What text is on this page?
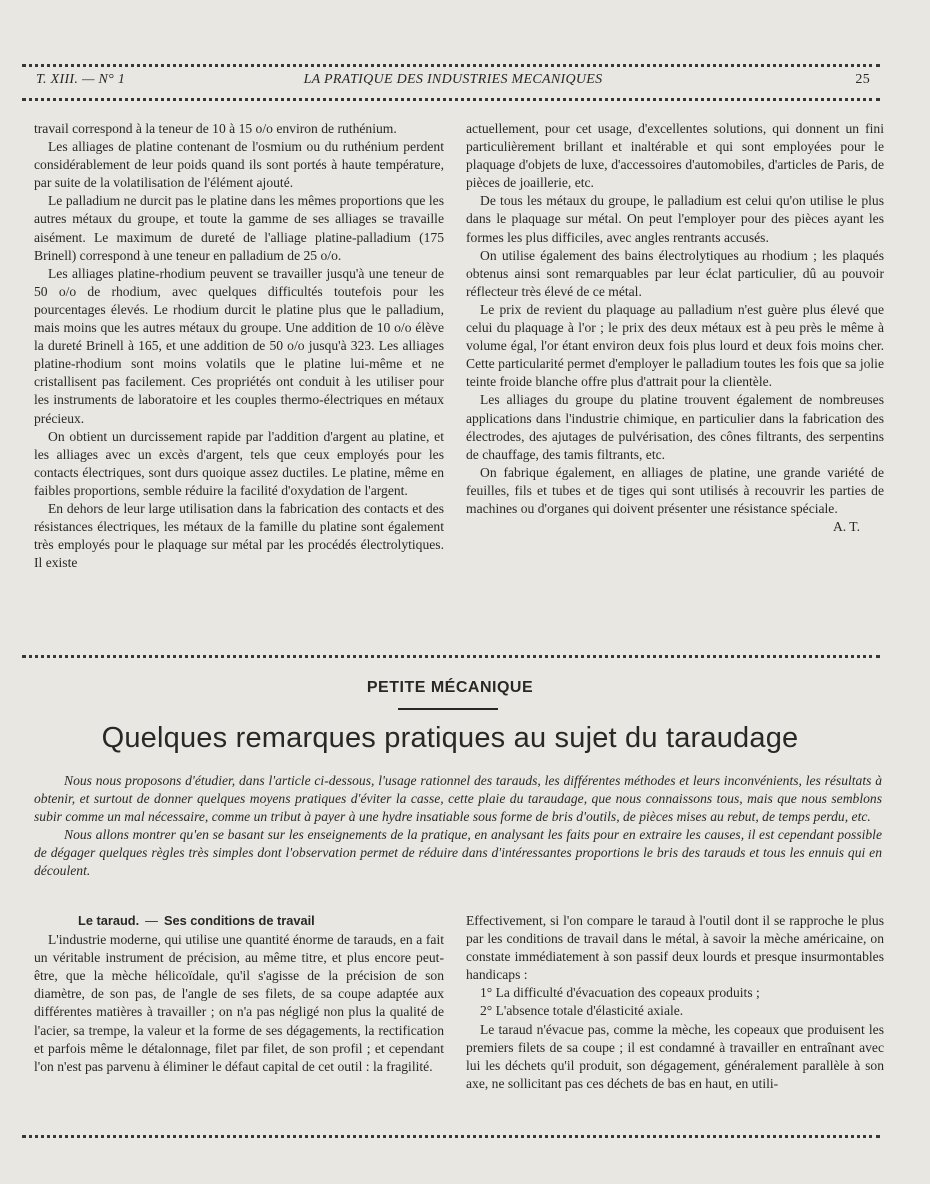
T. XIII. — N° 1	LA PRATIQUE DES INDUSTRIES MECANIQUES	25

travail correspond à la teneur de 10 à 15 o/o environ de ruthénium.

Les alliages de platine contenant de l'osmium ou du ruthénium perdent considérablement de leur poids quand ils sont portés à haute température, par suite de la volatilisation de l'élément ajouté.

Le palladium ne durcit pas le platine dans les mêmes proportions que les autres métaux du groupe, et toute la gamme de ses alliages se travaille aisément. Le maximum de dureté de l'alliage platine-palladium (175 Brinell) correspond à une teneur en palladium de 25 o/o.

Les alliages platine-rhodium peuvent se travailler jusqu'à une teneur de 50 o/o de rhodium, avec quelques difficultés toutefois pour les pourcentages élevés. Le rhodium durcit le platine plus que le palladium, mais moins que les autres métaux du groupe. Une addition de 10 o/o élève la dureté Brinell à 165, et une addition de 50 o/o jusqu'à 323. Les alliages platine-rhodium sont moins volatils que le platine lui-même et ne cristallisent pas facilement. Ces propriétés ont conduit à les utiliser pour les instruments de laboratoire et les couples thermo-électriques en métaux précieux.

On obtient un durcissement rapide par l'addition d'argent au platine, et les alliages avec un excès d'argent, tels que ceux employés pour les contacts électriques, sont durs quoique assez ductiles. Le platine, même en faibles proportions, semble réduire la facilité d'oxydation de l'argent.

En dehors de leur large utilisation dans la fabrication des contacts et des résistances électriques, les métaux de la famille du platine sont également très employés pour le plaquage sur métal par les procédés électrolytiques. Il existe

actuellement, pour cet usage, d'excellentes solutions, qui donnent un fini particulièrement brillant et inaltérable et qui sont employées pour le plaquage d'objets de luxe, d'accessoires d'automobiles, d'articles de Paris, de pièces de joaillerie, etc.

De tous les métaux du groupe, le palladium est celui qu'on utilise le plus dans le plaquage sur métal. On peut l'employer pour des pièces ayant les formes les plus difficiles, avec angles rentrants accusés.

On utilise également des bains électrolytiques au rhodium ; les plaqués obtenus ainsi sont remarquables par leur éclat particulier, dû au pouvoir réflecteur très élevé de ce métal.

Le prix de revient du plaquage au palladium n'est guère plus élevé que celui du plaquage à l'or ; le prix des deux métaux est à peu près le même à volume égal, l'or étant environ deux fois plus lourd et deux fois moins cher. Cette particularité permet d'employer le palladium toutes les fois que sa jolie teinte froide blanche offre plus d'attrait pour la clientèle.

Les alliages du groupe du platine trouvent également de nombreuses applications dans l'industrie chimique, en particulier dans la fabrication des électrodes, des ajutages de pulvérisation, des cônes filtrants, des serpentins de chauffage, des tamis filtrants, etc.

On fabrique également, en alliages de platine, une grande variété de feuilles, fils et tubes et de tiges qui sont utilisés à recouvrir les parties de machines ou d'organes qui doivent présenter une résistance spéciale.

A. T.

PETITE MÉCANIQUE
Quelques remarques pratiques au sujet du taraudage

Nous nous proposons d'étudier, dans l'article ci-dessous, l'usage rationnel des tarauds, les différentes méthodes et leurs inconvénients, les résultats à obtenir, et surtout de donner quelques moyens pratiques d'éviter la casse, cette plaie du taraudage, que nous connaissons tous, mais que nous semblons subir comme un mal nécessaire, comme un tribut à payer à une hydre insatiable sous forme de bris d'outils, de pièces mises au rebut, de temps perdu, etc.

Nous allons montrer qu'en se basant sur les enseignements de la pratique, en analysant les faits pour en extraire les causes, il est cependant possible de dégager quelques règles très simples dont l'observation permet de réduire dans d'intéressantes proportions le bris des tarauds et tous les ennuis qui en découlent.

Le taraud. — Ses conditions de travail

L'industrie moderne, qui utilise une quantité énorme de tarauds, en a fait un véritable instrument de précision, au même titre, et plus encore peut-être, que la mèche hélicoïdale, qu'il s'agisse de la précision de son diamètre, de son pas, de l'angle de ses filets, de sa coupe adaptée aux différentes matières à travailler ; on n'a pas négligé non plus la qualité de l'acier, sa trempe, la valeur et la forme de ses dégagements, la rectification et parfois même le détalonnage, filet par filet, de son profil ; et cependant l'on n'est pas parvenu à éliminer le défaut capital de cet outil : la fragilité.

Effectivement, si l'on compare le taraud à l'outil dont il se rapproche le plus par les conditions de travail dans le métal, à savoir la mèche américaine, on constate immédiatement à son passif deux lourds et presque insurmontables handicaps :

1° La difficulté d'évacuation des copeaux produits ;

2° L'absence totale d'élasticité axiale.

Le taraud n'évacue pas, comme la mèche, les copeaux que produisent les premiers filets de sa coupe ; il est condamné à travailler en entraînant avec lui les déchets qu'il produit, son dégagement, généralement parallèle à son axe, ne sollicitant pas ces déchets de bas en haut, en utili-
